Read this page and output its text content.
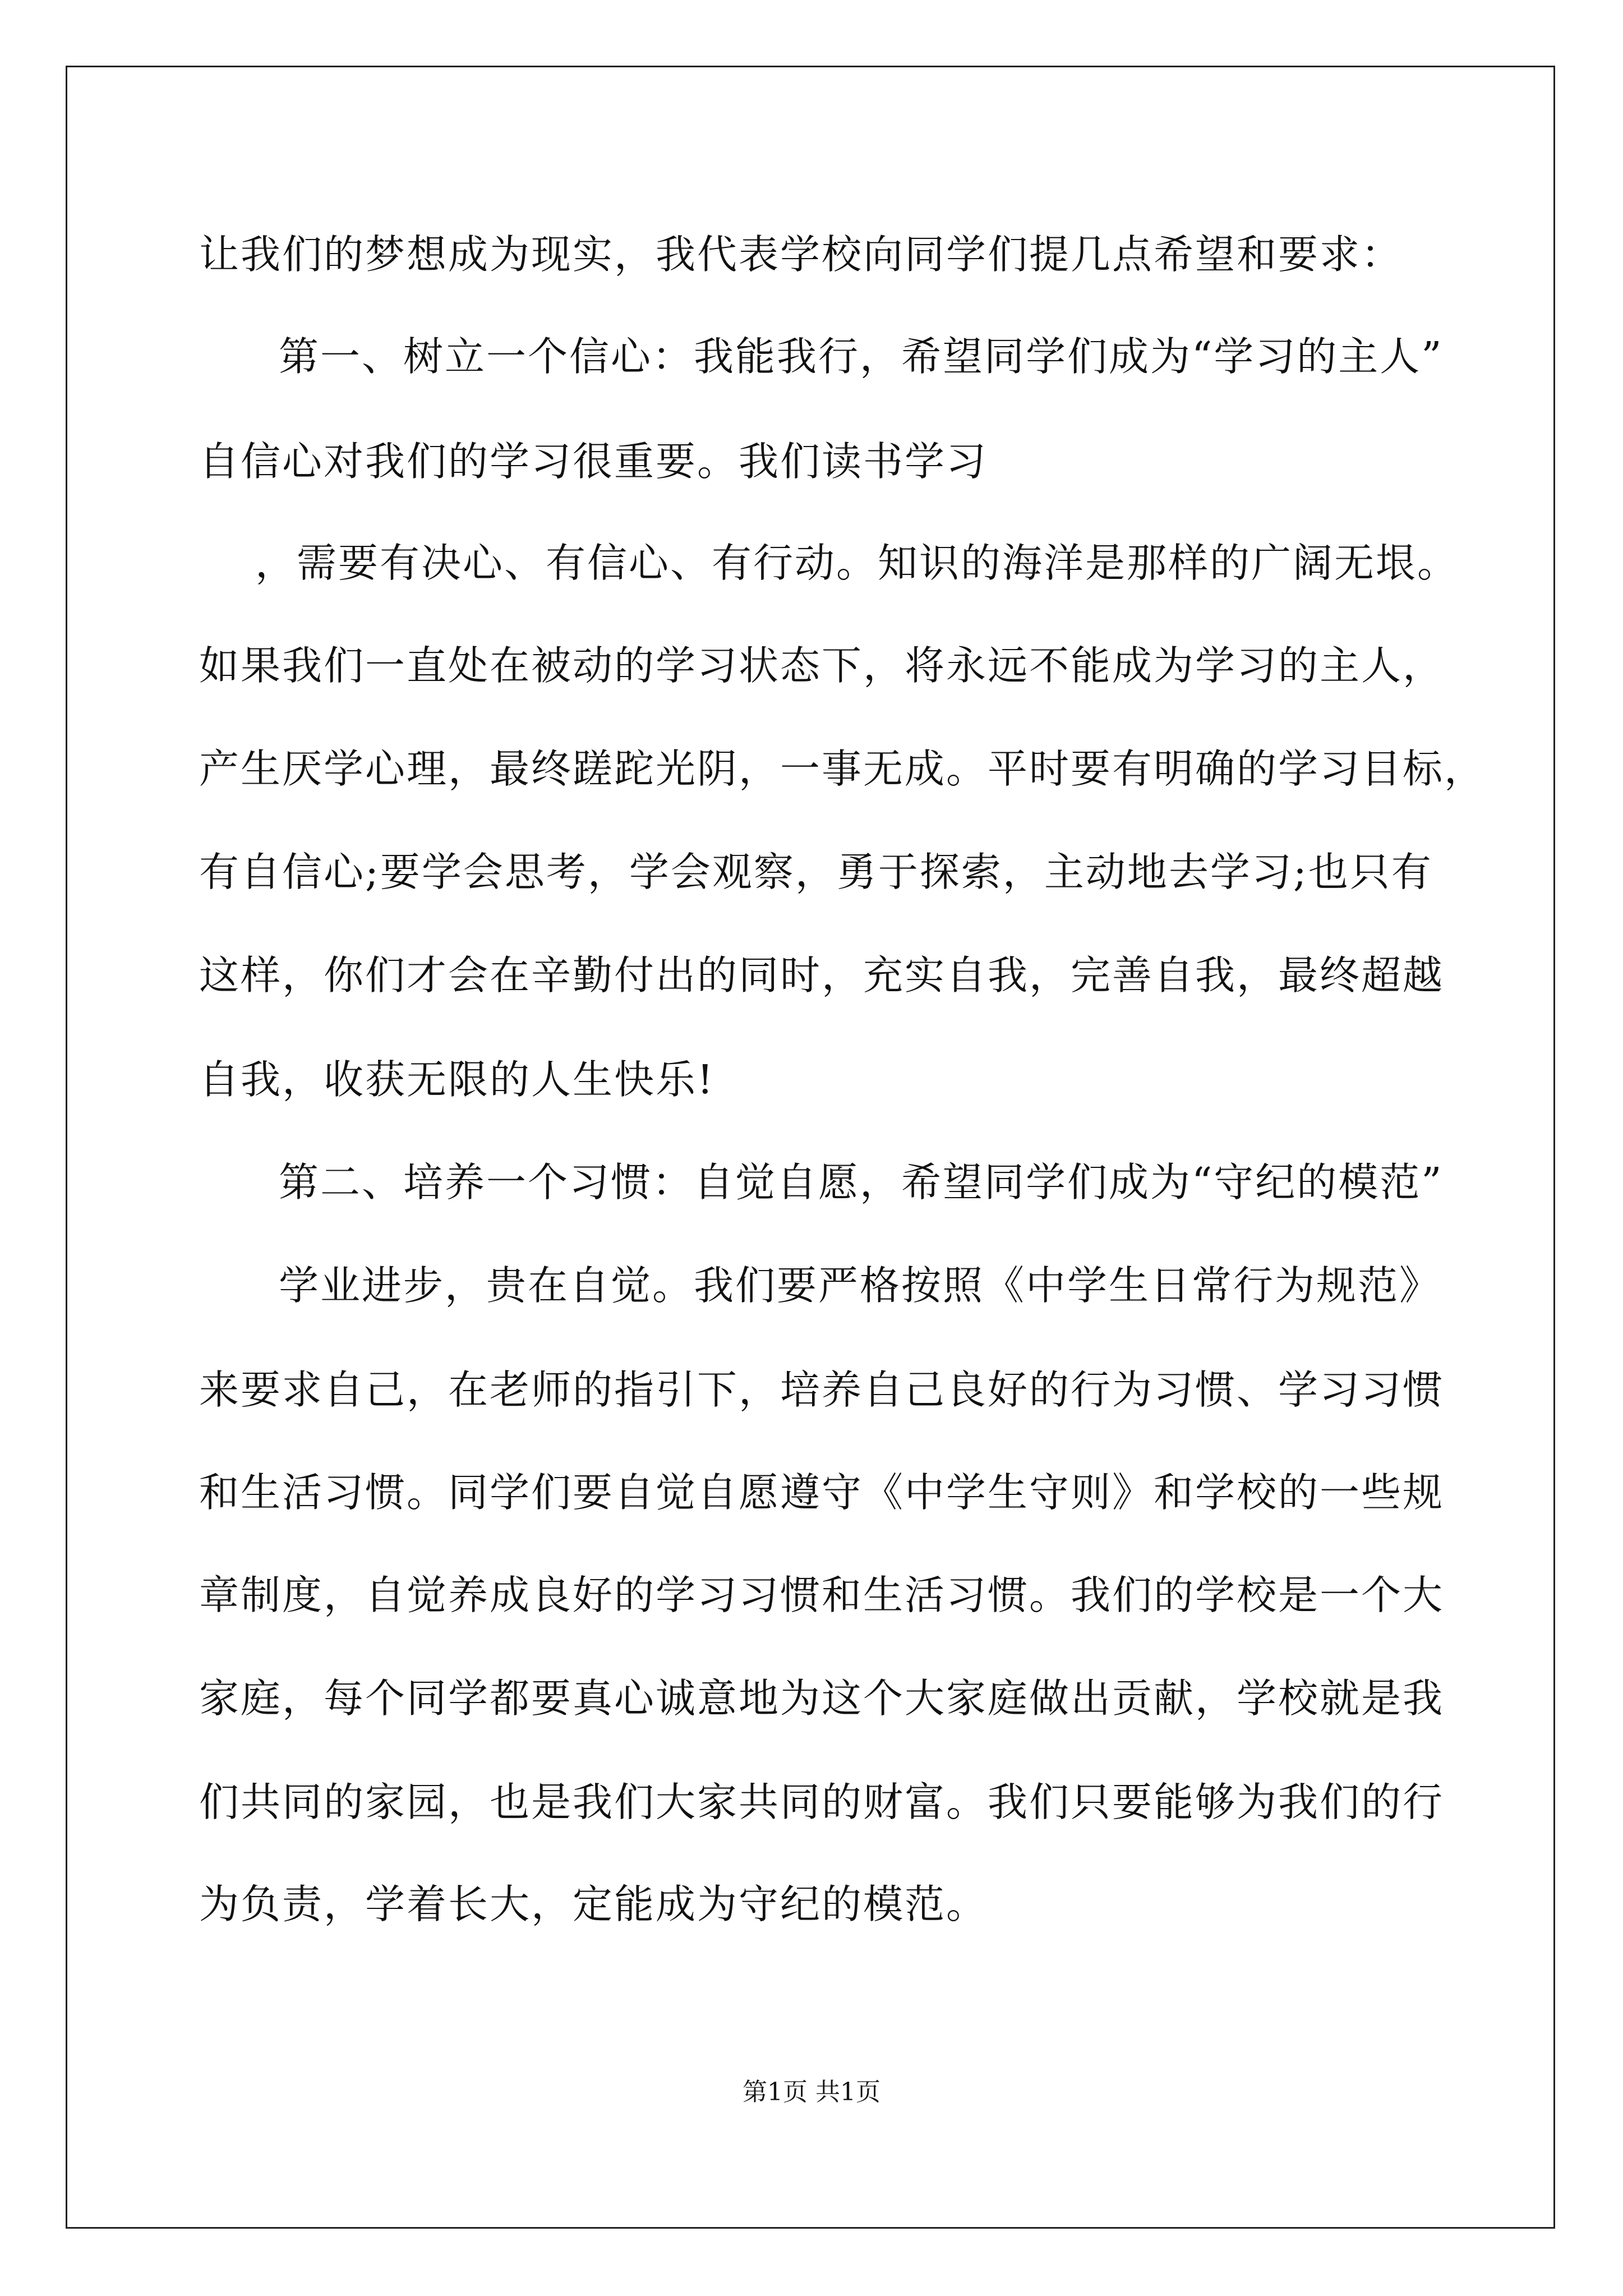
让我们的梦想成为现实，我代表学校向同学们提几点希望和要求：
第一、树立一个信心：我能我行，希望同学们成为“学习的主人”
自信心对我们的学习很重要。我们读书学习
，需要有决心、有信心、有行动。知识的海洋是那样的广阔无垠。
如果我们一直处在被动的学习状态下，将永远不能成为学习的主人，
产生厌学心理，最终蹉跎光阴，一事无成。平时要有明确的学习目标，
有自信心;要学会思考，学会观察，勇于探索，主动地去学习;也只有
这样，你们才会在辛勤付出的同时，充实自我，完善自我，最终超越
自我，收获无限的人生快乐!
第二、培养一个习惯：自觉自愿，希望同学们成为“守纪的模范”
学业进步，贵在自觉。我们要严格按照《中学生日常行为规范》
来要求自己，在老师的指引下，培养自己良好的行为习惯、学习习惯
和生活习惯。同学们要自觉自愿遵守《中学生守则》和学校的一些规
章制度，自觉养成良好的学习习惯和生活习惯。我们的学校是一个大
家庭，每个同学都要真心诚意地为这个大家庭做出贡献，学校就是我
们共同的家园，也是我们大家共同的财富。我们只要能够为我们的行
为负责，学着长大，定能成为守纪的模范。
第1页 共1页
